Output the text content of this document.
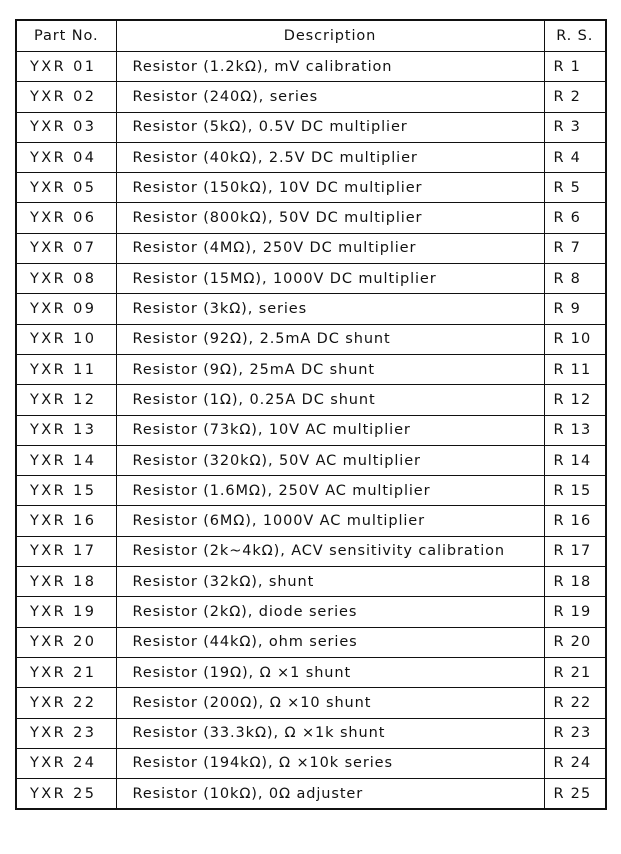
Part No.	Description	R. S.
YXR 01	Resistor (1.2kΩ), mV calibration	R 1
YXR 02	Resistor (240Ω), series	R 2
YXR 03	Resistor (5kΩ), 0.5V DC multiplier	R 3
YXR 04	Resistor (40kΩ), 2.5V DC multiplier	R 4
YXR 05	Resistor (150kΩ), 10V DC multiplier	R 5
YXR 06	Resistor (800kΩ), 50V DC multiplier	R 6
YXR 07	Resistor (4MΩ), 250V DC multiplier	R 7
YXR 08	Resistor (15MΩ), 1000V DC multiplier	R 8
YXR 09	Resistor (3kΩ), series	R 9
YXR 10	Resistor (92Ω), 2.5mA DC shunt	R 10
YXR 11	Resistor (9Ω), 25mA DC shunt	R 11
YXR 12	Resistor (1Ω), 0.25A DC shunt	R 12
YXR 13	Resistor (73kΩ), 10V AC multiplier	R 13
YXR 14	Resistor (320kΩ), 50V AC multiplier	R 14
YXR 15	Resistor (1.6MΩ), 250V AC multiplier	R 15
YXR 16	Resistor (6MΩ), 1000V AC multiplier	R 16
YXR 17	Resistor (2k~4kΩ), ACV sensitivity calibration	R 17
YXR 18	Resistor (32kΩ), shunt	R 18
YXR 19	Resistor (2kΩ), diode series	R 19
YXR 20	Resistor (44kΩ), ohm series	R 20
YXR 21	Resistor (19Ω), Ω ×1 shunt	R 21
YXR 22	Resistor (200Ω), Ω ×10 shunt	R 22
YXR 23	Resistor (33.3kΩ), Ω ×1k shunt	R 23
YXR 24	Resistor (194kΩ), Ω ×10k series	R 24
YXR 25	Resistor (10kΩ), 0Ω adjuster	R 25
